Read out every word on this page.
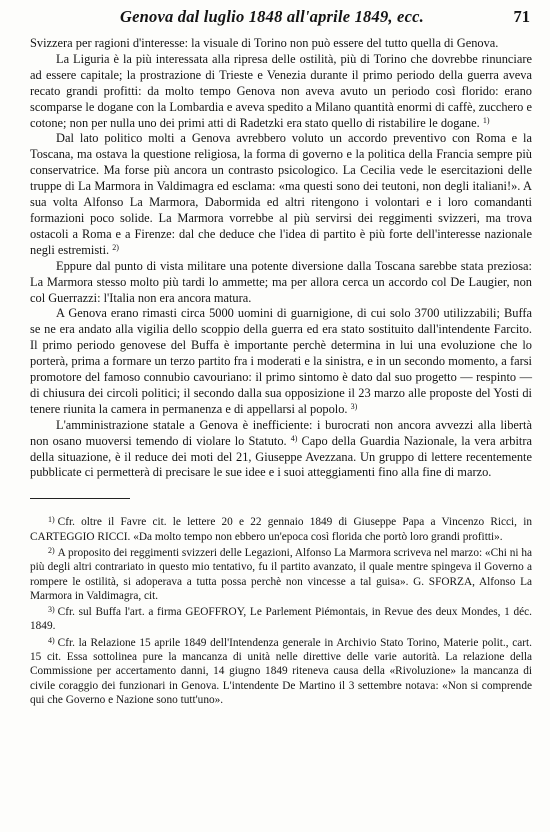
Genova dal luglio 1848 all'aprile 1849, ecc.	71

Svizzera per ragioni d'interesse: la visuale di Torino non può essere del tutto quella di Genova.

La Liguria è la più interessata alla ripresa delle ostilità, più di Torino che dovrebbe rinunciare ad essere capitale; la prostrazione di Trieste e Venezia durante il primo periodo della guerra aveva recato grandi profitti: da molto tempo Genova non aveva avuto un periodo così florido: erano scomparse le dogane con la Lombardia e aveva spedito a Milano quantità enormi di caffè, zucchero e cotone; non per nulla uno dei primi atti di Radetzki era stato quello di ristabilire le dogane. $^{1)}$

Dal lato politico molti a Genova avrebbero voluto un accordo preventivo con Roma e la Toscana, ma ostava la questione religiosa, la forma di governo e la politica della Francia sempre più conservatrice. Ma forse più ancora un contrasto psicologico. La Cecilia vede le esercitazioni delle truppe di La Marmora in Valdimagra ed esclama: «ma questi sono dei teutoni, non degli italiani!». A sua volta Alfonso La Marmora, Dabormida ed altri ritengono i volontari e i loro comandanti formazioni poco solide. La Marmora vorrebbe al più servirsi dei reggimenti svizzeri, ma trova ostacoli a Roma e a Firenze: dal che deduce che l'idea di partito è più forte dell'interesse nazionale negli estremisti. $^{2)}$

Eppure dal punto di vista militare una potente diversione dalla Toscana sarebbe stata preziosa: La Marmora stesso molto più tardi lo ammette; ma per allora cerca un accordo col De Laugier, non col Guerrazzi: l'Italia non era ancora matura.

A Genova erano rimasti circa 5000 uomini di guarnigione, di cui solo 3700 utilizzabili; Buffa se ne era andato alla vigilia dello scoppio della guerra ed era stato sostituito dall'intendente Farcito. Il primo periodo genovese del Buffa è importante perchè determina in lui una evoluzione che lo porterà, prima a formare un terzo partito fra i moderati e la sinistra, e in un secondo momento, a farsi promotore del famoso connubio cavouriano: il primo sintomo è dato dal suo progetto — respinto — di chiusura dei circoli politici; il secondo dalla sua opposizione il 23 marzo alle proposte del Yosti di tenere riunita la camera in permanenza e di appellarsi al popolo. $^{3)}$

L'amministrazione statale a Genova è inefficiente: i burocrati non ancora avvezzi alla libertà non osano muoversi temendo di violare lo Statuto. $^{4)}$ Capo della Guardia Nazionale, la vera arbitra della situazione, è il reduce dei moti del 21, Giuseppe Avezzana. Un gruppo di lettere recentemente pubblicate ci permetterà di precisare le sue idee e i suoi atteggiamenti fino alla fine di marzo.

$^{1)}$ Cfr. oltre il Favre cit. le lettere 20 e 22 gennaio 1849 di Giuseppe Papa a Vincenzo Ricci, in CARTEGGIO RICCI. «Da molto tempo non ebbero un'epoca così florida che portò loro grandi profitti».

$^{2)}$ A proposito dei reggimenti svizzeri delle Legazioni, Alfonso La Marmora scriveva nel marzo: «Chi ni ha più degli altri contrariato in questo mio tentativo, fu il partito avanzato, il quale mentre spingeva il Governo a rompere le ostilità, si adoperava a tutta possa perchè non vincesse a tal guisa». G. SFORZA, Alfonso La Marmora in Valdimagra, cit.

$^{3)}$ Cfr. sul Buffa l'art. a firma GEOFFROY, Le Parlement Piémontais, in Revue des deux Mondes, 1 déc. 1849.

$^{4)}$ Cfr. la Relazione 15 aprile 1849 dell'Intendenza generale in Archivio Stato Torino, Materie polit., cart. 15 cit. Essa sottolinea pure la mancanza di unità nelle direttive delle varie autorità. La relazione della Commissione per accertamento danni, 14 giugno 1849 riteneva causa della «Rivoluzione» la mancanza di civile coraggio dei funzionari in Genova. L'intendente De Martino il 3 settembre notava: «Non si comprende qui che Governo e Nazione sono tutt'uno».
